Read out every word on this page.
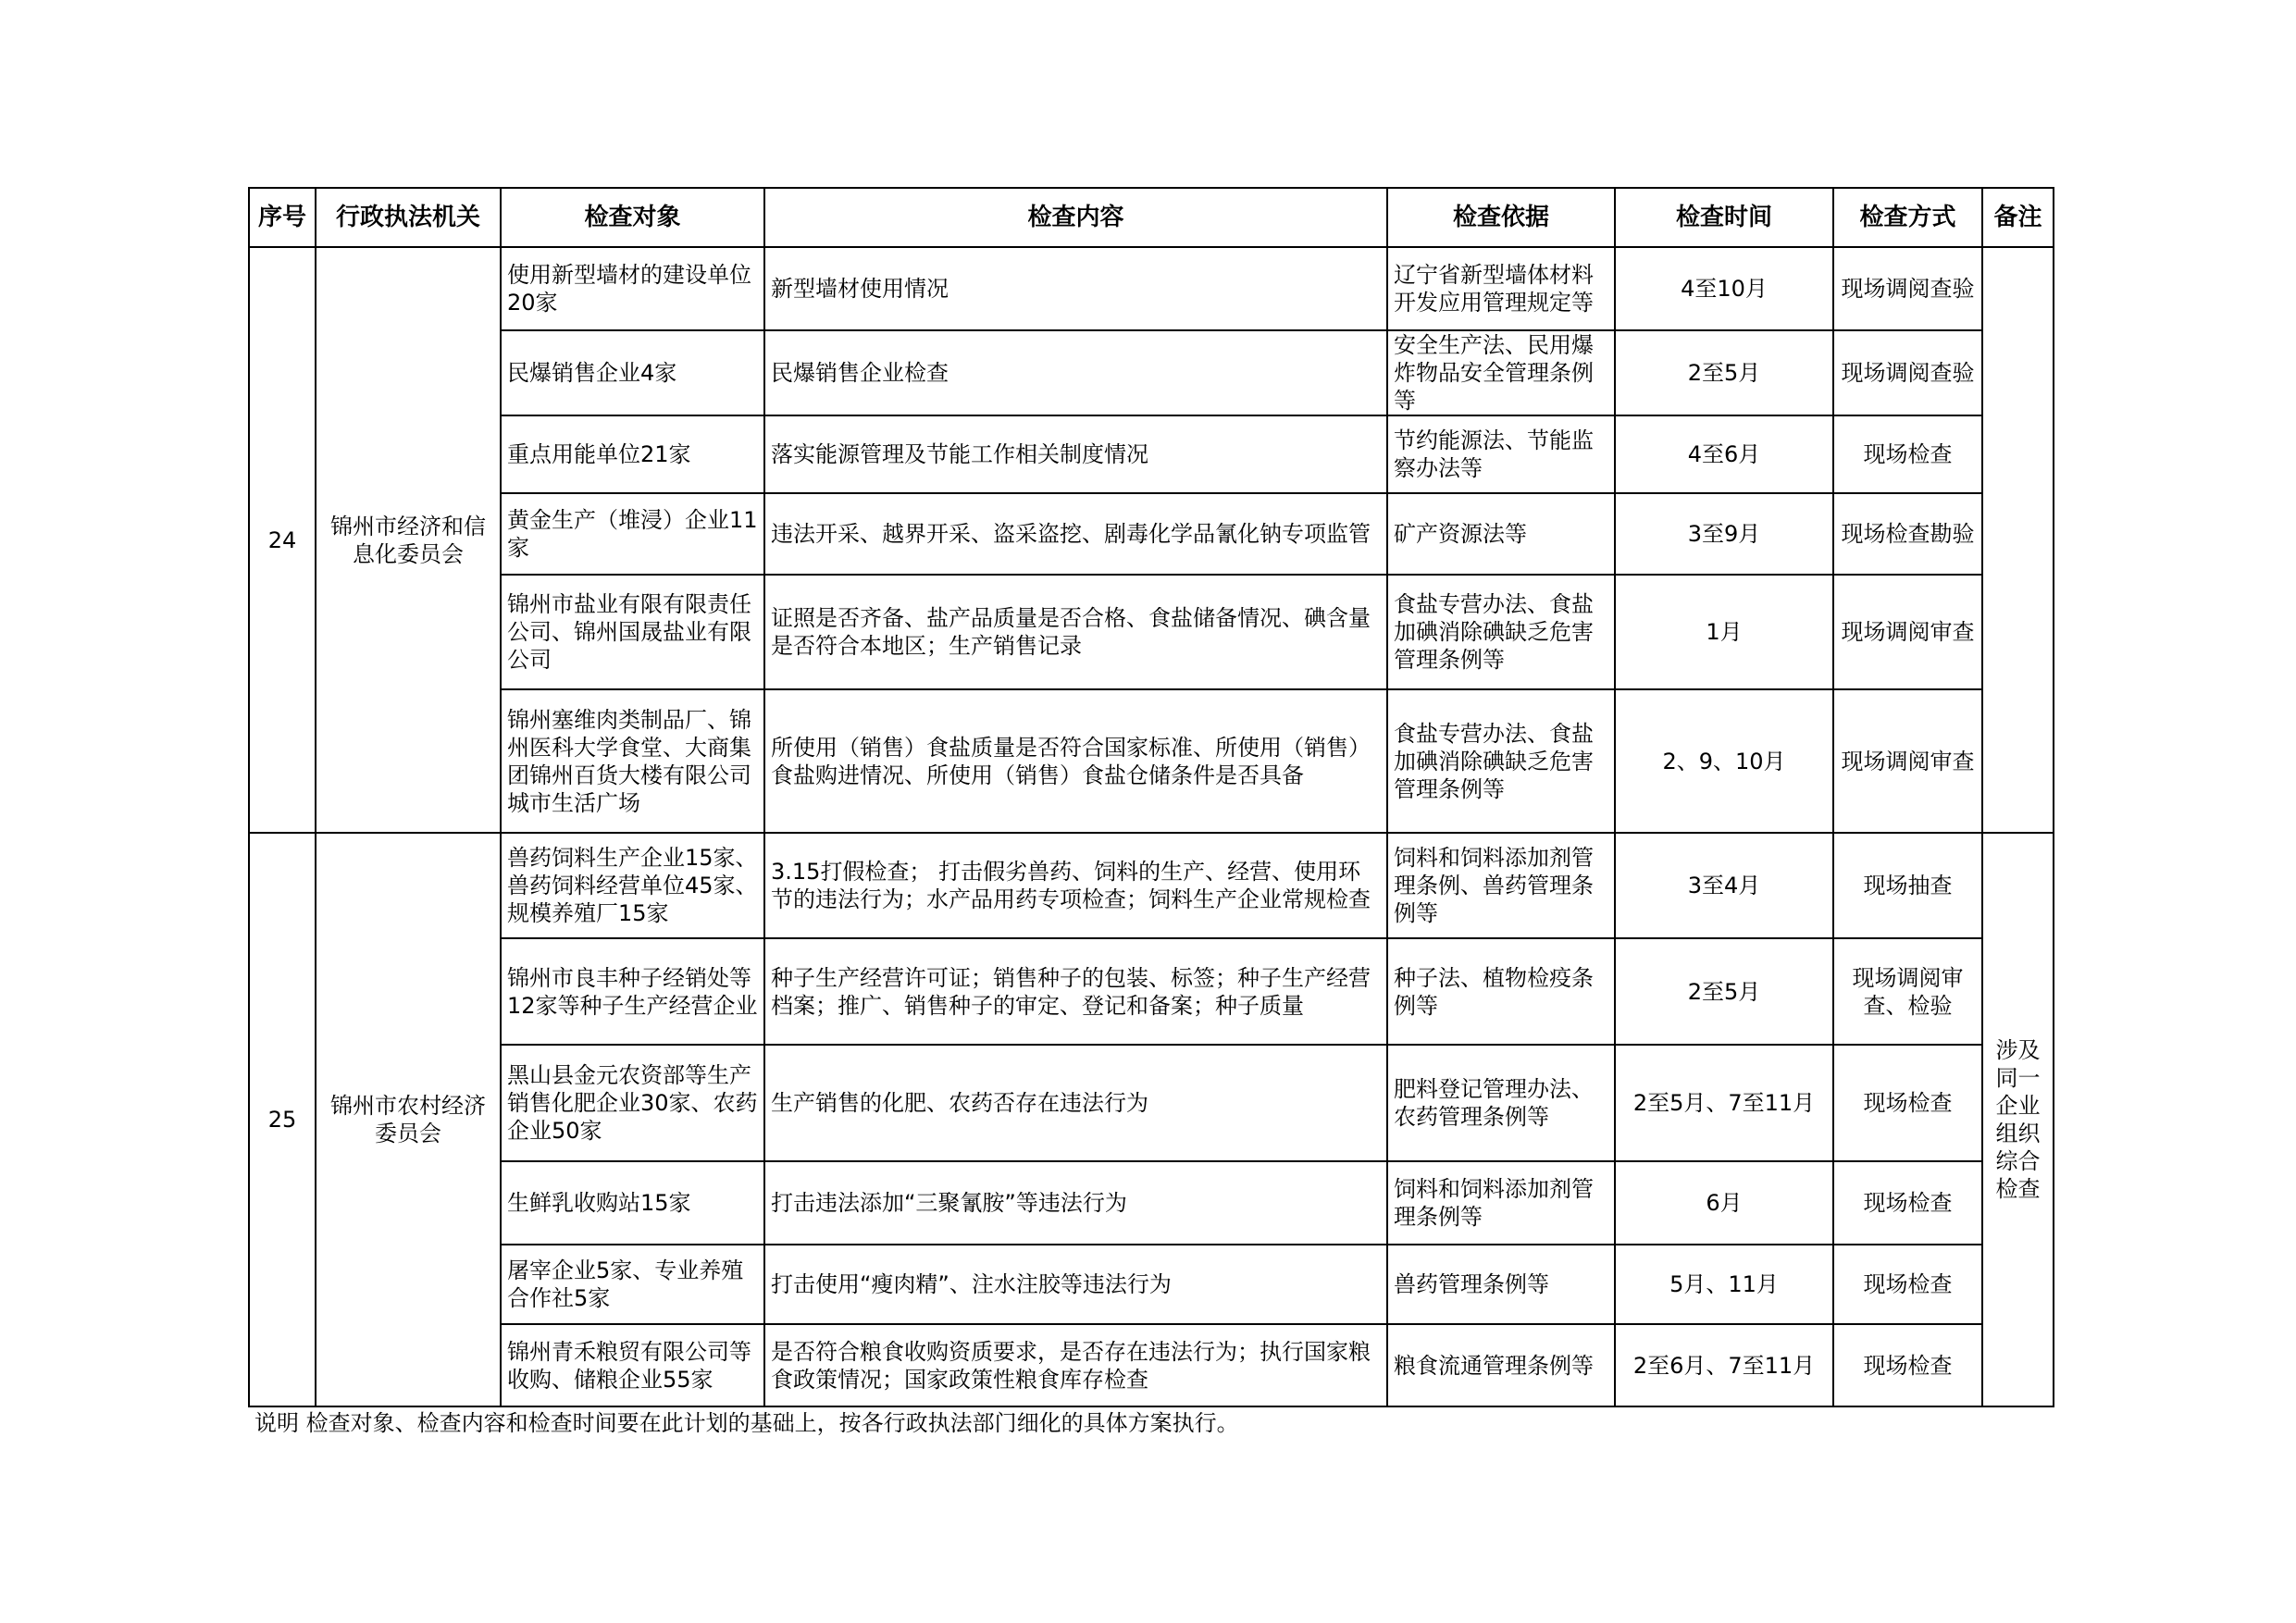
序号	行政执法机关	检查对象	检查内容	检查依据	检查时间	检查方式	备注
24	锦州市经济和信息化委员会	使用新型墙材的建设单位20家	新型墙材使用情况	辽宁省新型墙体材料开发应用管理规定等	4至10月	现场调阅查验	
		民爆销售企业4家	民爆销售企业检查	安全生产法、民用爆炸物品安全管理条例等	2至5月	现场调阅查验	
		重点用能单位21家	落实能源管理及节能工作相关制度情况	节约能源法、节能监察办法等	4至6月	现场检查	
		黄金生产（堆浸）企业11家	违法开采、越界开采、盗采盗挖、剧毒化学品氰化钠专项监管	矿产资源法等	3至9月	现场检查勘验	
		锦州市盐业有限有限责任公司、锦州国晟盐业有限公司	证照是否齐备、盐产品质量是否合格、食盐储备情况、碘含量是否符合本地区；生产销售记录	食盐专营办法、食盐加碘消除碘缺乏危害管理条例等	1月	现场调阅审查	
		锦州塞维肉类制品厂、锦州医科大学食堂、大商集团锦州百货大楼有限公司城市生活广场	所使用（销售）食盐质量是否符合国家标准、所使用（销售）食盐购进情况、所使用（销售）食盐仓储条件是否具备	食盐专营办法、食盐加碘消除碘缺乏危害管理条例等	2、9、10月	现场调阅审查	
25	锦州市农村经济委员会	兽药饲料生产企业15家、兽药饲料经营单位45家、规模养殖厂15家	3.15打假检查； 打击假劣兽药、饲料的生产、经营、使用环节的违法行为；水产品用药专项检查；饲料生产企业常规检查	饲料和饲料添加剂管理条例、兽药管理条例等	3至4月	现场抽查	涉及同一企业组织综合检查
		锦州市良丰种子经销处等12家等种子生产经营企业	种子生产经营许可证；销售种子的包装、标签；种子生产经营档案；推广、销售种子的审定、登记和备案；种子质量	种子法、植物检疫条例等	2至5月	现场调阅审查、检验	
		黑山县金元农资部等生产销售化肥企业30家、农药企业50家	生产销售的化肥、农药否存在违法行为	肥料登记管理办法、农药管理条例等	2至5月、7至11月	现场检查	
		生鲜乳收购站15家	打击违法添加“三聚氰胺”等违法行为	饲料和饲料添加剂管理条例等	6月	现场检查	
		屠宰企业5家、专业养殖合作社5家	打击使用“瘦肉精”、注水注胶等违法行为	兽药管理条例等	5月、11月	现场检查	
		锦州青禾粮贸有限公司等收购、储粮企业55家	是否符合粮食收购资质要求，是否存在违法行为；执行国家粮食政策情况；国家政策性粮食库存检查	粮食流通管理条例等	2至6月、7至11月	现场检查	
说明 检查对象、检查内容和检查时间要在此计划的基础上，按各行政执法部门细化的具体方案执行。
